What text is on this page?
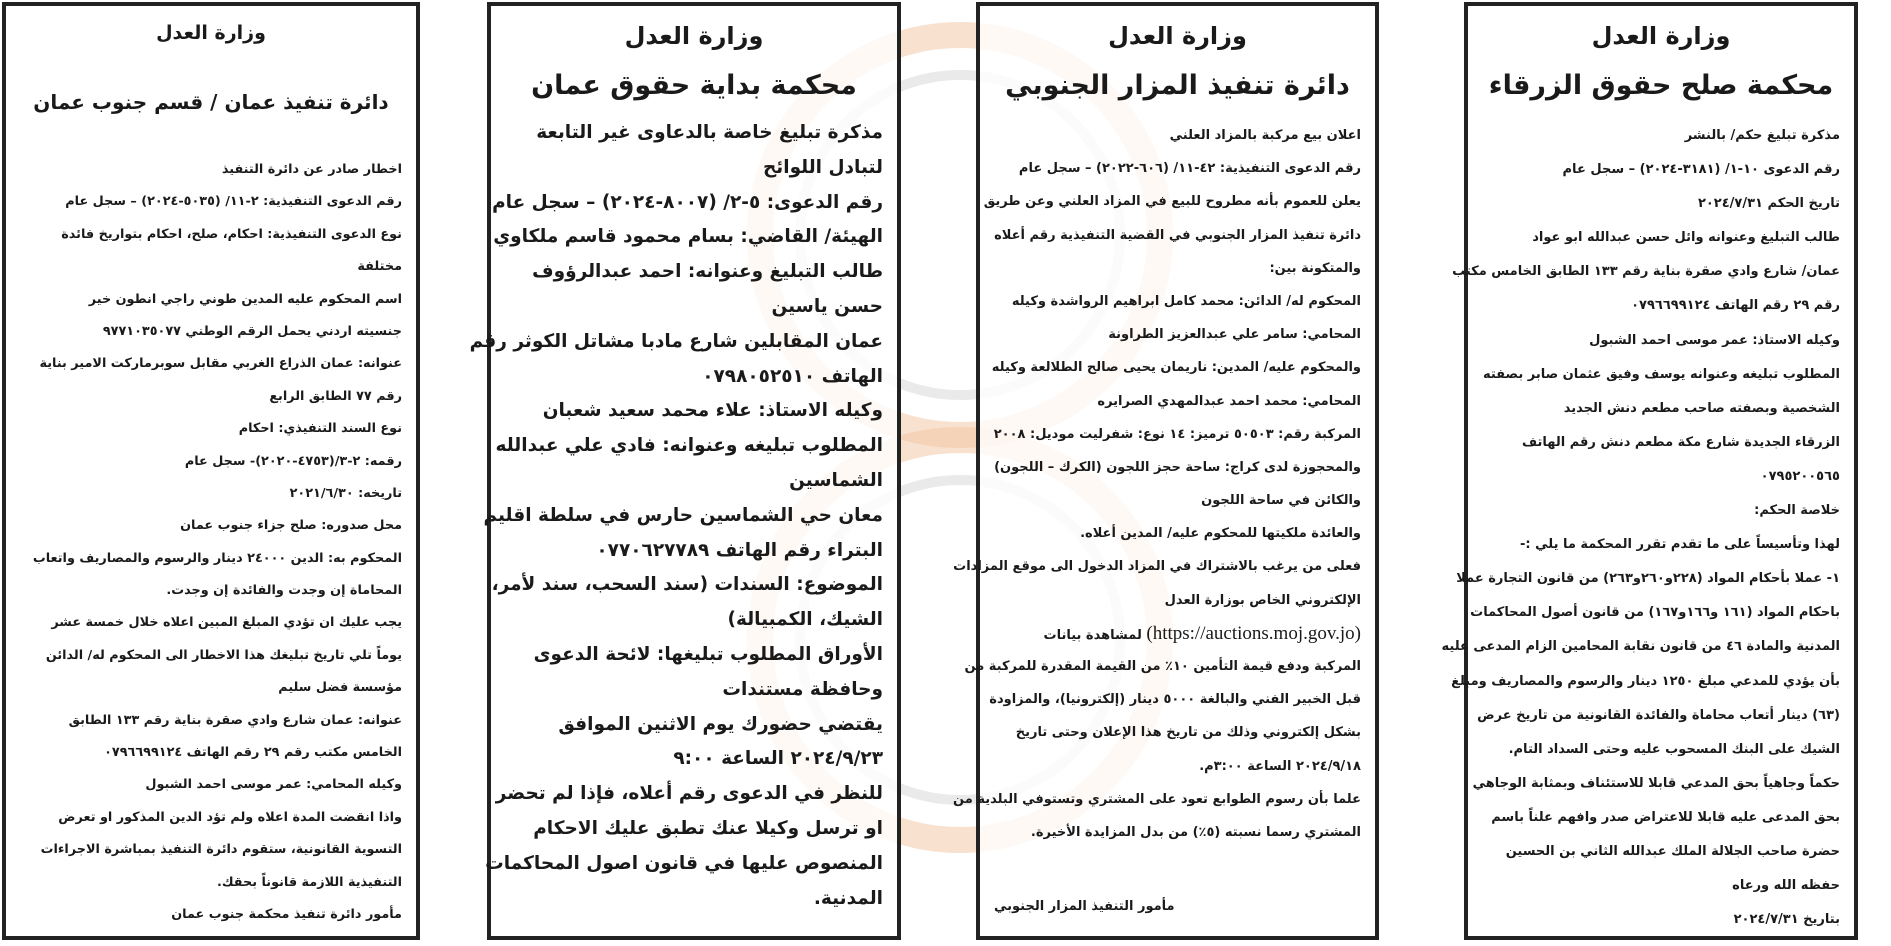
وزارة العدل
محكمة صلح حقوق الزرقاء
مذكرة تبليغ حكم/ بالنشر
رقم الدعوى ١٠-١/ (٣١٨١-٢٠٢٤) – سجل عام
تاريخ الحكم ٢٠٢٤/٧/٣١
طالب التبليغ وعنوانه وائل حسن عبدالله ابو عواد
عمان/ شارع وادي صقرة بناية رقم ١٣٣ الطابق الخامس مكتب
رقم ٢٩ رقم الهاتف ٠٧٩٦٦٩٩١٢٤
وكيله الاستاذ: عمر موسى احمد الشبول
المطلوب تبليغه وعنوانه يوسف وفيق عثمان صابر بصفته
الشخصية وبصفته صاحب مطعم دنش الجديد
الزرقاء الجديدة شارع مكة مطعم دنش رقم الهاتف
٠٧٩٥٢٠٠٥٦٥
خلاصة الحكم:
لهذا وتأسيساً على ما تقدم تقرر المحكمة ما يلي :-
١- عملا بأحكام المواد (٢٢٨و٢٦٠و٢٦٣) من قانون التجارة عملا
باحكام المواد (١٦١ و١٦٦و١٦٧) من قانون أصول المحاكمات
المدنية والمادة ٤٦ من قانون نقابة المحامين الزام المدعى عليه
بأن يؤدي للمدعي مبلغ ١٢٥٠ دينار والرسوم والمصاريف ومبلغ
(٦٣) دينار أتعاب محاماة والفائدة القانونية من تاريخ عرض
الشيك على البنك المسحوب عليه وحتى السداد التام.
حكماً وجاهياً بحق المدعي قابلا للاستئناف وبمثابة الوجاهي
بحق المدعى عليه قابلا للاعتراض صدر وافهم علناً باسم
حضرة صاحب الجلالة الملك عبدالله الثاني بن الحسين
حفظه الله ورعاه
بتاريخ ٢٠٢٤/٧/٣١
وزارة العدل
دائرة تنفيذ المزار الجنوبي
اعلان بيع مركبة بالمزاد العلني
رقم الدعوى التنفيذية: ٤٢-١١/ (٦٠٦-٢٠٢٢) – سجل عام
يعلن للعموم بأنه مطروح للبيع في المزاد العلني وعن طريق
دائرة تنفيذ المزار الجنوبي في القضية التنفيذية رقم أعلاه
والمتكونة بين:
المحكوم له/ الدائن: محمد كامل ابراهيم الرواشدة وكيله
المحامي: سامر علي عبدالعزيز الطراونة
والمحكوم عليه/ المدين: ناريمان يحيى صالح الطلالعة وكيله
المحامي: محمد احمد عبدالمهدي الصرايره
المركبة رقم: ٥٠٥٠٣ ترميز: ١٤ نوع: شفرليت موديل: ٢٠٠٨
والمحجوزة لدى كراج: ساحة حجز اللجون (الكرك – اللجون)
والكائن في ساحة اللجون
والعائدة ملكيتها للمحكوم عليه/ المدين أعلاه.
فعلى من يرغب بالاشتراك في المزاد الدخول الى موقع المزادات
الإلكتروني الخاص بوزارة العدل
(https://auctions.moj.gov.jo) لمشاهدة بيانات
المركبة ودفع قيمة التأمين ١٠٪ من القيمة المقدرة للمركبة من
قبل الخبير الفني والبالغة ٥٠٠٠ دينار (إلكترونيا)، والمزاودة
بشكل إلكتروني وذلك من تاريخ هذا الإعلان وحتى تاريخ
٢٠٢٤/٩/١٨ الساعة ٣:٠٠م.
علما بأن رسوم الطوابع تعود على المشتري وتستوفي البلدية من
المشتري رسما نسبته (٥٪) من بدل المزايدة الأخيرة.
مأمور التنفيذ المزار الجنوبي
وزارة العدل
محكمة بداية حقوق عمان
مذكرة تبليغ خاصة بالدعاوى غير التابعة
لتبادل اللوائح
رقم الدعوى: ٥-٢/ (٨٠٠٧-٢٠٢٤) – سجل عام
الهيئة/ القاضي: بسام محمود قاسم ملكاوي
طالب التبليغ وعنوانه: احمد عبدالرؤوف
حسن ياسين
عمان المقابلين شارع مادبا مشاتل الكوثر رقم
الهاتف ٠٧٩٨٠٥٢٥١٠
وكيله الاستاذ: علاء محمد سعيد شعبان
المطلوب تبليغه وعنوانه: فادي علي عبدالله
الشماسين
معان حي الشماسين حارس في سلطة اقليم
البتراء رقم الهاتف ٠٧٧٠٦٢٧٧٨٩
الموضوع: السندات (سند السحب، سند لأمر،
الشيك، الكمبيالة)
الأوراق المطلوب تبليغها: لائحة الدعوى
وحافظة مستندات
يقتضي حضورك يوم الاثنين الموافق
٢٠٢٤/٩/٢٣ الساعة ٩:٠٠
للنظر في الدعوى رقم أعلاه، فإذا لم تحضر
او ترسل وكيلا عنك تطبق عليك الاحكام
المنصوص عليها في قانون اصول المحاكمات
المدنية.
وزارة العدل
دائرة تنفيذ عمان / قسم جنوب عمان
اخطار صادر عن دائرة التنفيذ
رقم الدعوى التنفيذية: ٢-١١/ (٥٠٣٥-٢٠٢٤) – سجل عام
نوع الدعوى التنفيذية: احكام، صلح، احكام بتواريخ فائدة
مختلفة
اسم المحكوم عليه المدين طوني راجي انطون خير
جنسيته اردني يحمل الرقم الوطني ٩٧٧١٠٣٥٠٧٧
عنوانه: عمان الذراع الغربي مقابل سوبرماركت الامير بناية
رقم ٧٧ الطابق الرابع
نوع السند التنفيذي: احكام
رقمه: ٢-٣/(٤٧٥٣-٢٠٢٠)- سجل عام
تاريخه: ٢٠٢١/٦/٣٠
محل صدوره: صلح جزاء جنوب عمان
المحكوم به: الدين ٢٤٠٠٠ دينار والرسوم والمصاريف واتعاب
المحاماة إن وجدت والفائدة إن وجدت.
يجب عليك ان تؤدي المبلغ المبين اعلاه خلال خمسة عشر
يوماً تلي تاريخ تبليغك هذا الاخطار الى المحكوم له/ الدائن
مؤسسة فضل سليم
عنوانه: عمان شارع وادي صقرة بناية رقم ١٣٣ الطابق
الخامس مكتب رقم ٢٩ رقم الهاتف ٠٧٩٦٦٩٩١٢٤
وكيله المحامي: عمر موسى احمد الشبول
واذا انقضت المدة اعلاه ولم تؤد الدين المذكور او تعرض
التسوية القانونية، ستقوم دائرة التنفيذ بمباشرة الاجراءات
التنفيذية اللازمة قانوناً بحقك.
مأمور دائرة تنفيذ محكمة جنوب عمان
